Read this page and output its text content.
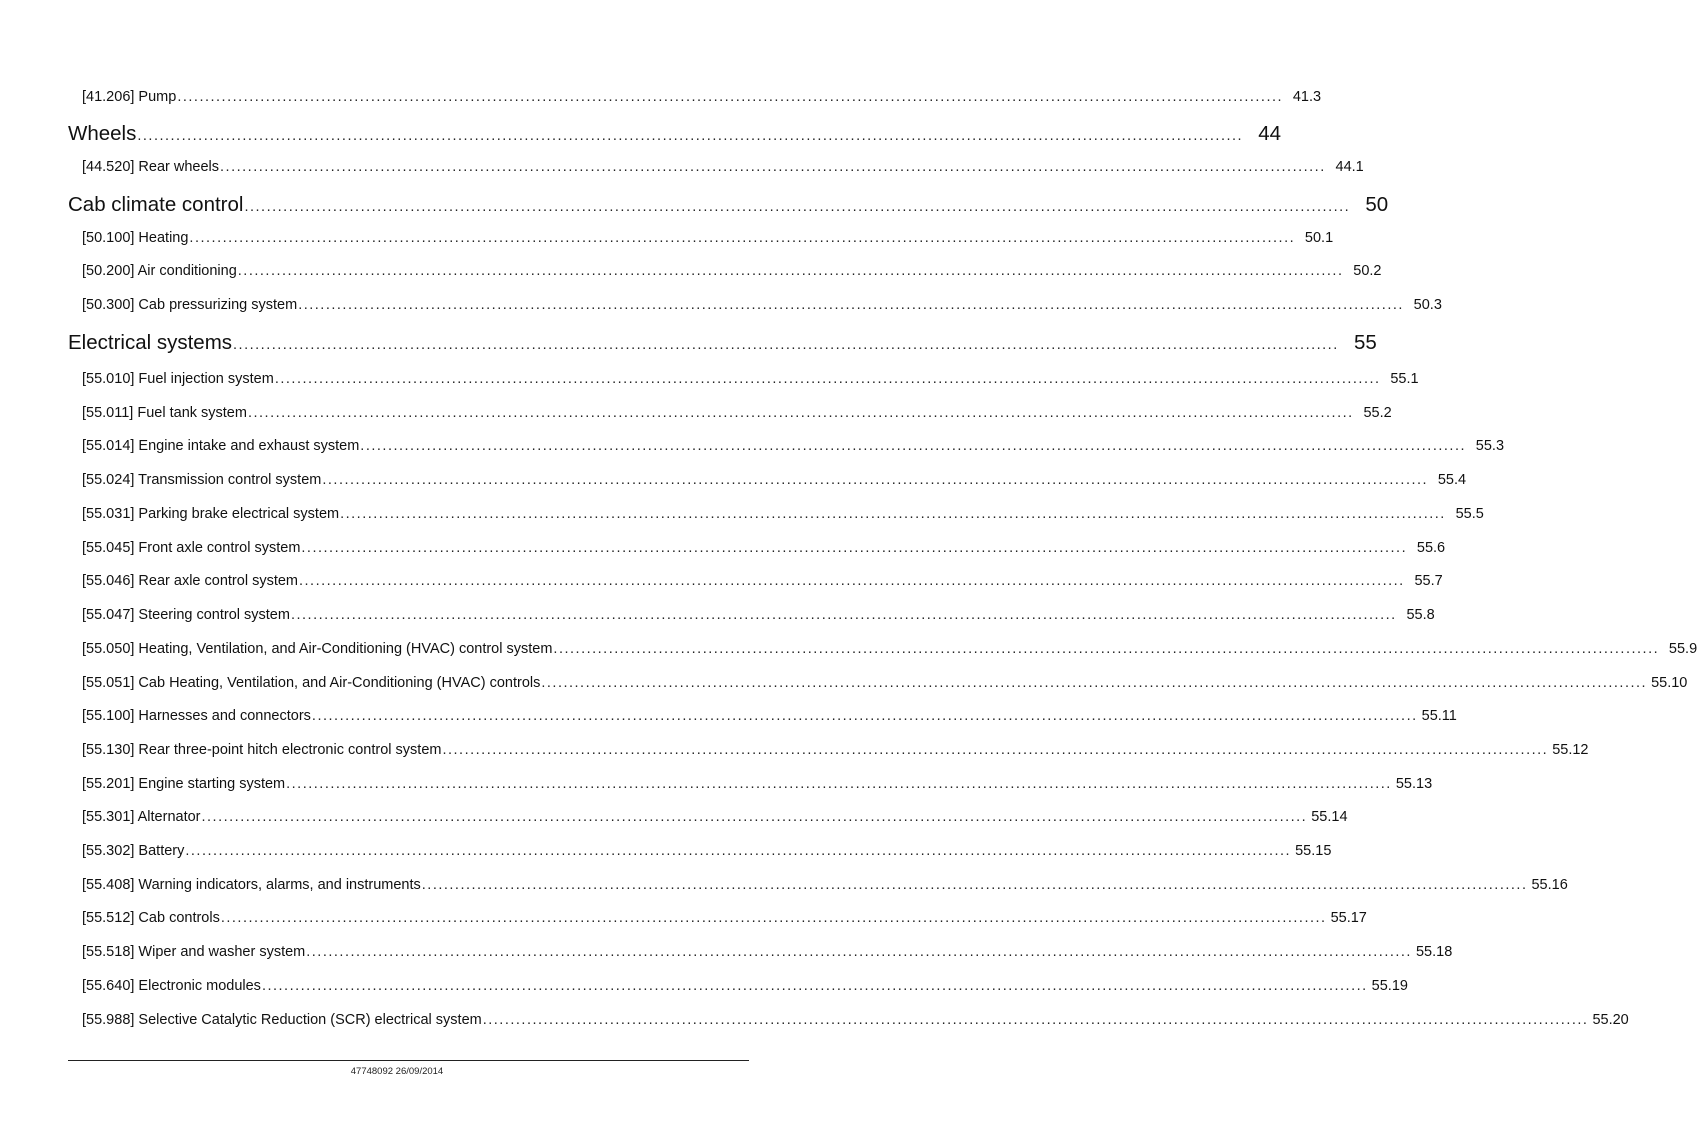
[41.206] Pump ........................................................................................................................................................................................................ 41.3
Wheels ........................................................................................................................................................................................................ 44
[44.520] Rear wheels ........................................................................................................................................................................................................ 44.1
Cab climate control ........................................................................................................................................................................................................ 50
[50.100] Heating ........................................................................................................................................................................................................ 50.1
[50.200] Air conditioning ........................................................................................................................................................................................................ 50.2
[50.300] Cab pressurizing system ........................................................................................................................................................................................................ 50.3
Electrical systems ........................................................................................................................................................................................................ 55
[55.010] Fuel injection system ........................................................................................................................................................................................................ 55.1
[55.011] Fuel tank system ........................................................................................................................................................................................................ 55.2
[55.014] Engine intake and exhaust system ........................................................................................................................................................................................................ 55.3
[55.024] Transmission control system ........................................................................................................................................................................................................ 55.4
[55.031] Parking brake electrical system ........................................................................................................................................................................................................ 55.5
[55.045] Front axle control system ........................................................................................................................................................................................................ 55.6
[55.046] Rear axle control system ........................................................................................................................................................................................................ 55.7
[55.047] Steering control system ........................................................................................................................................................................................................ 55.8
[55.050] Heating, Ventilation, and Air-Conditioning (HVAC) control system ........................................................................................................................................................................................................ 55.9
[55.051] Cab Heating, Ventilation, and Air-Conditioning (HVAC) controls ........................................................................................................................................................................................................ 55.10
[55.100] Harnesses and connectors ........................................................................................................................................................................................................ 55.11
[55.130] Rear three-point hitch electronic control system ........................................................................................................................................................................................................ 55.12
[55.201] Engine starting system ........................................................................................................................................................................................................ 55.13
[55.301] Alternator ........................................................................................................................................................................................................ 55.14
[55.302] Battery ........................................................................................................................................................................................................ 55.15
[55.408] Warning indicators, alarms, and instruments ........................................................................................................................................................................................................ 55.16
[55.512] Cab controls ........................................................................................................................................................................................................ 55.17
[55.518] Wiper and washer system ........................................................................................................................................................................................................ 55.18
[55.640] Electronic modules ........................................................................................................................................................................................................ 55.19
[55.988] Selective Catalytic Reduction (SCR) electrical system ........................................................................................................................................................................................................ 55.20
47748092 26/09/2014
